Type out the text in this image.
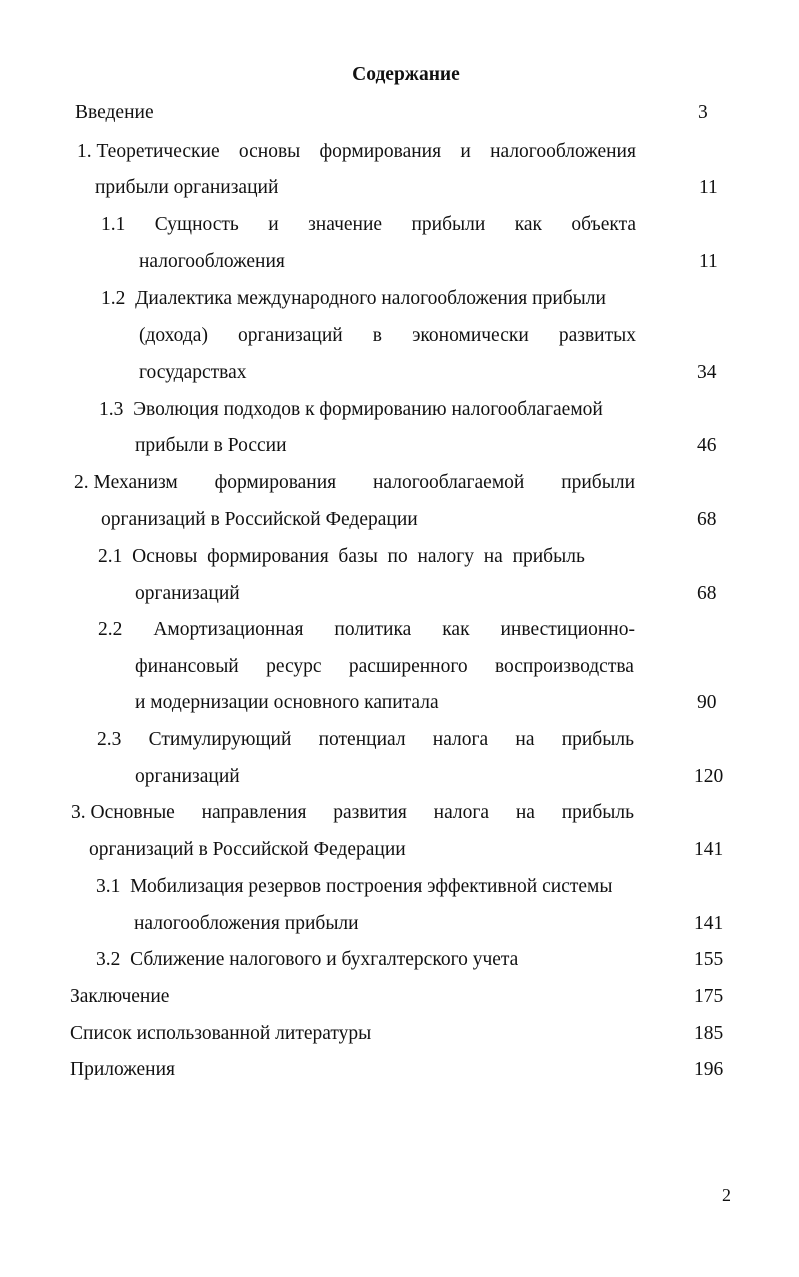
Содержание
Введение	3
1. Теоретические основы формирования и налогообложения
прибыли организаций	11
1.1 Сущность и значение прибыли как объекта
налогообложения	11
1.2  Диалектика международного налогообложения прибыли
(дохода) организаций в экономически развитых
государствах	34
1.3  Эволюция подходов к формированию налогооблагаемой
прибыли в России	46
2. Механизм формирования налогооблагаемой прибыли
организаций в Российской Федерации	68
2.1  Основы  формирования  базы  по  налогу  на  прибыль
организаций	68
2.2 Амортизационная политика как инвестиционно-
финансовый ресурс расширенного воспроизводства
и модернизации основного капитала	90
2.3 Стимулирующий потенциал налога на прибыль
организаций	120
3. Основные направления развития налога на прибыль
организаций в Российской Федерации	141
3.1  Мобилизация резервов построения эффективной системы
налогообложения прибыли	141
3.2  Сближение налогового и бухгалтерского учета	155
Заключение	175
Список использованной литературы	185
Приложения	196
2
